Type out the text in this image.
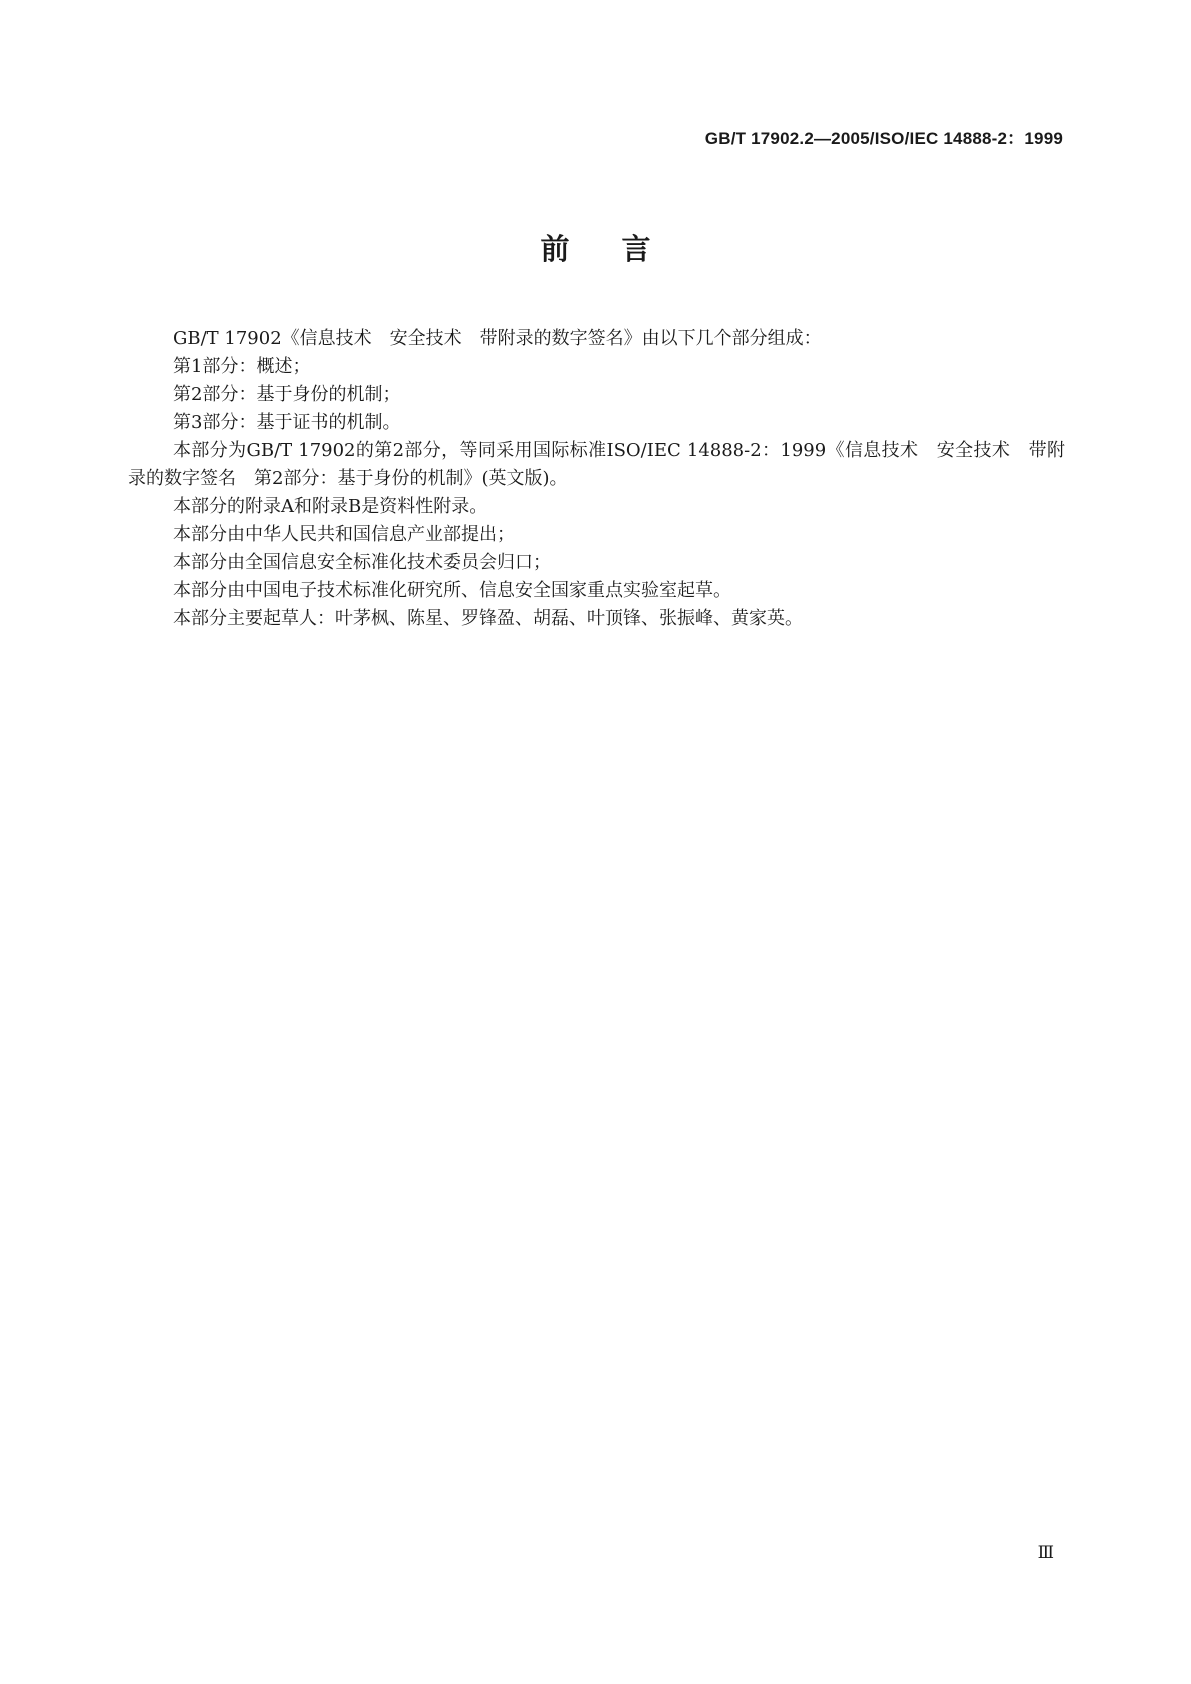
GB/T 17902.2—2005/ISO/IEC 14888-2：1999
前言

GB/T 17902《信息技术　安全技术　带附录的数字签名》由以下几个部分组成：

第1部分：概述；

第2部分：基于身份的机制；

第3部分：基于证书的机制。

本部分为GB/T 17902的第2部分，等同采用国际标准ISO/IEC 14888-2：1999《信息技术　安全技术　带附录的数字签名　第2部分：基于身份的机制》(英文版)。

本部分的附录A和附录B是资料性附录。

本部分由中华人民共和国信息产业部提出；

本部分由全国信息安全标准化技术委员会归口；

本部分由中国电子技术标准化研究所、信息安全国家重点实验室起草。

本部分主要起草人：叶茅枫、陈星、罗锋盈、胡磊、叶顶锋、张振峰、黄家英。

Ⅲ
